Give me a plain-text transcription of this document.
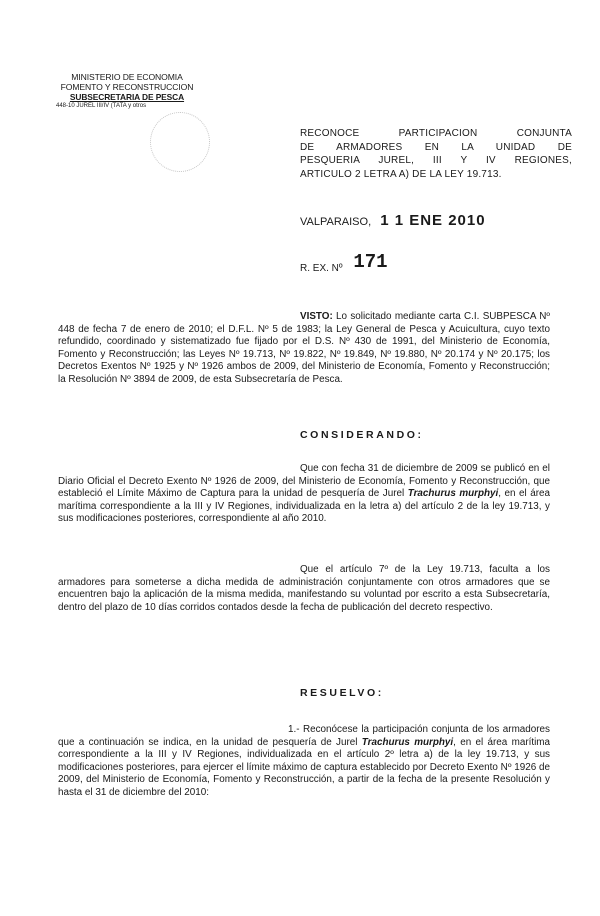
MINISTERIO DE ECONOMIA
FOMENTO Y RECONSTRUCCION
SUBSECRETARIA DE PESCA
448-10 JUREL III/IV (TATA y otros
RECONOCE PARTICIPACION CONJUNTA
DE ARMADORES EN LA UNIDAD DE
PESQUERIA JUREL, III Y IV REGIONES,
ARTICULO 2 LETRA A) DE LA LEY 19.713.
VALPARAISO, 1 1 ENE 2010
R. EX. Nº 171
VISTO: Lo solicitado mediante carta C.I. SUBPESCA Nº 448 de fecha 7 de enero de 2010; el D.F.L. Nº 5 de 1983; la Ley General de Pesca y Acuicultura, cuyo texto refundido, coordinado y sistematizado fue fijado por el D.S. Nº 430 de 1991, del Ministerio de Economía, Fomento y Reconstrucción; las Leyes Nº 19.713, Nº 19.822, Nº 19.849, Nº 19.880, Nº 20.174 y Nº 20.175; los Decretos Exentos Nº 1925 y Nº 1926 ambos de 2009, del Ministerio de Economía, Fomento y Reconstrucción; la Resolución Nº 3894 de 2009, de esta Subsecretaría de Pesca.
CONSIDERANDO:
Que con fecha 31 de diciembre de 2009 se publicó en el Diario Oficial el Decreto Exento Nº 1926 de 2009, del Ministerio de Economía, Fomento y Reconstrucción, que estableció el Límite Máximo de Captura para la unidad de pesquería de Jurel Trachurus murphyi, en el área marítima correspondiente a la III y IV Regiones, individualizada en la letra a) del artículo 2 de la ley 19.713, y sus modificaciones posteriores, correspondiente al año 2010.
Que el artículo 7º de la Ley 19.713, faculta a los armadores para someterse a dicha medida de administración conjuntamente con otros armadores que se encuentren bajo la aplicación de la misma medida, manifestando su voluntad por escrito a esta Subsecretaría, dentro del plazo de 10 días corridos contados desde la fecha de publicación del decreto respectivo.
RESUELVO:
1.- Reconócese la participación conjunta de los armadores que a continuación se indica, en la unidad de pesquería de Jurel Trachurus murphyi, en el área marítima correspondiente a la III y IV Regiones, individualizada en el artículo 2º letra a) de la ley 19.713, y sus modificaciones posteriores, para ejercer el límite máximo de captura establecido por Decreto Exento Nº 1926 de 2009, del Ministerio de Economía, Fomento y Reconstrucción, a partir de la fecha de la presente Resolución y hasta el 31 de diciembre del 2010:
